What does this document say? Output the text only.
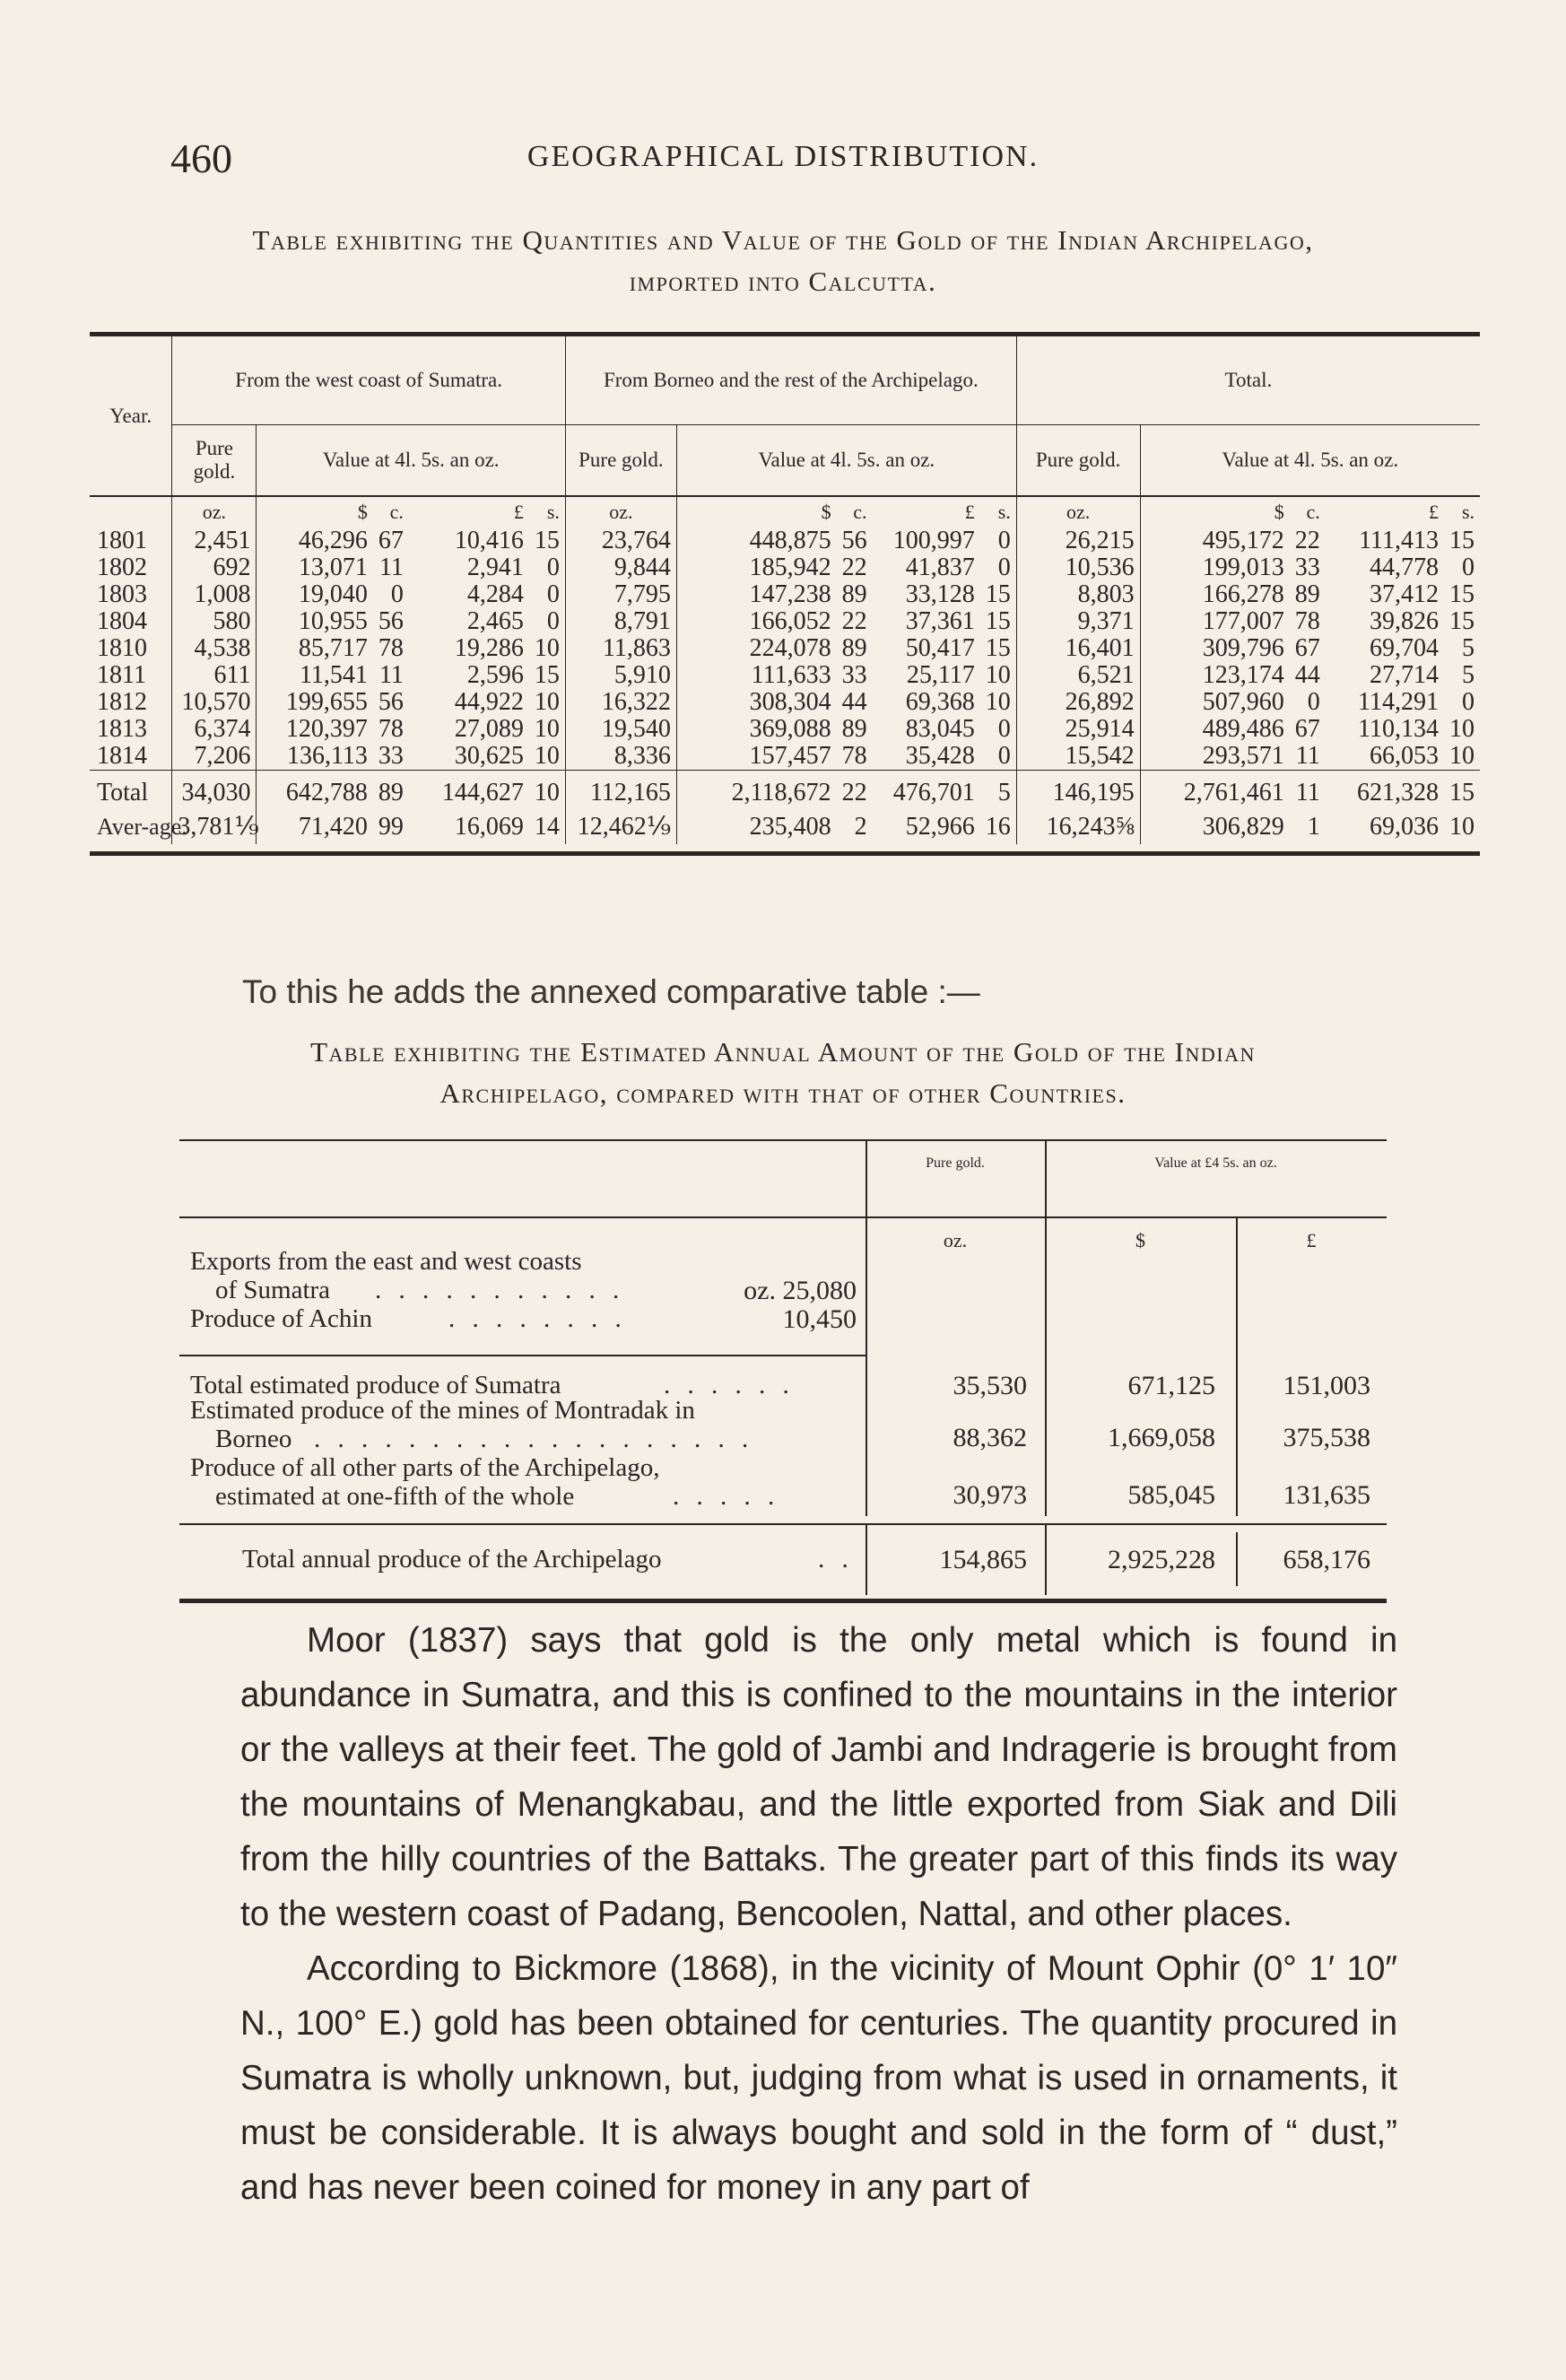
460	GEOGRAPHICAL DISTRIBUTION.
Table exhibiting the Quantities and Value of the Gold of the Indian Archipelago,
imported into Calcutta.
Year.	From the west coast of Sumatra.		From Borneo and the rest of the Archipelago.		Total.	
	Pure gold.	Value at 4l. 5s. an oz.	Pure gold.	Value at 4l. 5s. an oz.	Pure gold.	Value at 4l. 5s. an oz.
	oz.	$ c.	£ s.	oz.	$ c.	£ s.	oz.	$ c.	£ s.

1801	2,451	46,296 67	10,416 15	23,764	448,875 56	100,997 0	26,215	495,172 22	111,413 15

1802	692	13,071 11	2,941 0	9,844	185,942 22	41,837 0	10,536	199,013 33	44,778 0

1803	1,008	19,040 0	4,284 0	7,795	147,238 89	33,128 15	8,803	166,278 89	37,412 15

1804	580	10,955 56	2,465 0	8,791	166,052 22	37,361 15	9,371	177,007 78	39,826 15

1810	4,538	85,717 78	19,286 10	11,863	224,078 89	50,417 15	16,401	309,796 67	69,704 5

1811	611	11,541 11	2,596 15	5,910	111,633 33	25,117 10	6,521	123,174 44	27,714 5

1812	10,570	199,655 56	44,922 10	16,322	308,304 44	69,368 10	26,892	507,960 0	114,291 0

1813	6,374	120,397 78	27,089 10	19,540	369,088 89	83,045 0	25,914	489,486 67	110,134 10

1814	7,206	136,113 33	30,625 10	8,336	157,457 78	35,428 0	15,542	293,571 11	66,053 10

Total	34,030	642,788 89	144,627 10	112,165	2,118,672 22	476,701 5	146,195	2,761,461 11	621,328 15

Aver-age.	3,781⅑	71,420 99	16,069 14	12,462⅑	235,408 2	52,966 16	16,243⅝	306,829 1	69,036 10
To this he adds the annexed comparative table :—
Table exhibiting the Estimated Annual Amount of the Gold of the Indian
Archipelago, compared with that of other Countries.
Pure gold.	Value at £4 5s. an oz.
oz.	$	£
Exports from the east and west coasts
of Sumatra . . . . . . . . . . .	oz. 25,080
Produce of Achin	. . . . . . . .	10,450
Total estimated produce of Sumatra	. . . . . .	35,530	671,125	151,003
Estimated produce of the mines of Montradak in
Borneo . . . . . . . . . . . . . . . . . . .	88,362	1,669,058	375,538
Produce of all other parts of the Archipelago,
estimated at one-fifth of the whole	. . . . .	30,973	585,045	131,635
Total annual produce of the Archipelago	. .	154,865	2,925,228	658,176

Moor (1837) says that gold is the only metal which is found in abundance in Sumatra, and this is confined to the mountains in the interior or the valleys at their feet. The gold of Jambi and Indragerie is brought from the mountains of Menangkabau, and the little exported from Siak and Dili from the hilly countries of the Battaks. The greater part of this finds its way to the western coast of Padang, Bencoolen, Nattal, and other places.

According to Bickmore (1868), in the vicinity of Mount Ophir (0° 1′ 10″ N., 100° E.) gold has been obtained for centuries. The quantity procured in Sumatra is wholly unknown, but, judging from what is used in ornaments, it must be considerable. It is always bought and sold in the form of “ dust,” and has never been coined for money in any part of
